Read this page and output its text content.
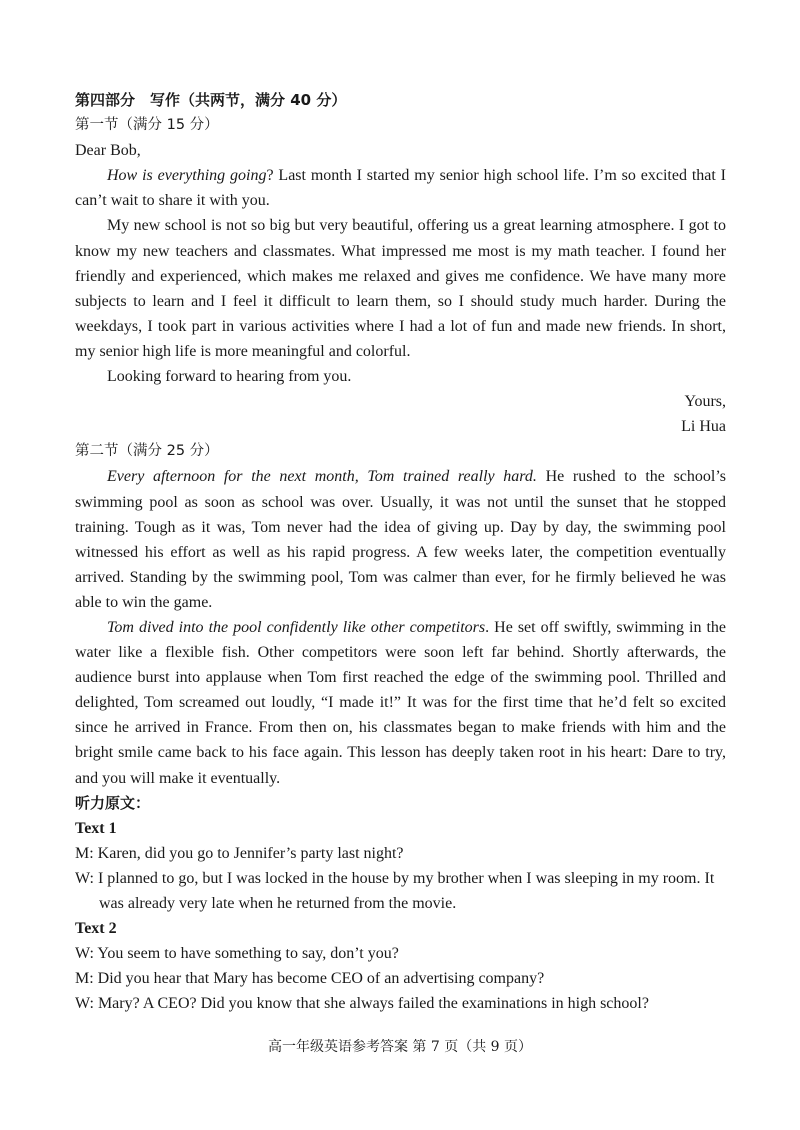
第四部分　写作（共两节，满分 40 分）

第一节（满分 15 分）

Dear Bob,

How is everything going? Last month I started my senior high school life. I’m so excited that I can’t wait to share it with you.

My new school is not so big but very beautiful, offering us a great learning atmosphere. I got to know my new teachers and classmates. What impressed me most is my math teacher. I found her friendly and experienced, which makes me relaxed and gives me confidence. We have many more subjects to learn and I feel it difficult to learn them, so I should study much harder. During the weekdays, I took part in various activities where I had a lot of fun and made new friends. In short, my senior high life is more meaningful and colorful.

Looking forward to hearing from you.

Yours,

Li Hua

第二节（满分 25 分）

Every afternoon for the next month, Tom trained really hard. He rushed to the school’s swimming pool as soon as school was over. Usually, it was not until the sunset that he stopped training. Tough as it was, Tom never had the idea of giving up. Day by day, the swimming pool witnessed his effort as well as his rapid progress. A few weeks later, the competition eventually arrived. Standing by the swimming pool, Tom was calmer than ever, for he firmly believed he was able to win the game.

Tom dived into the pool confidently like other competitors. He set off swiftly, swimming in the water like a flexible fish. Other competitors were soon left far behind. Shortly afterwards, the audience burst into applause when Tom first reached the edge of the swimming pool. Thrilled and delighted, Tom screamed out loudly, “I made it!” It was for the first time that he’d felt so excited since he arrived in France. From then on, his classmates began to make friends with him and the bright smile came back to his face again. This lesson has deeply taken root in his heart: Dare to try, and you will make it eventually.

听力原文：

Text 1

M: Karen, did you go to Jennifer’s party last night?

W: I planned to go, but I was locked in the house by my brother when I was sleeping in my room. It was already very late when he returned from the movie.

Text 2

W: You seem to have something to say, don’t you?

M: Did you hear that Mary has become CEO of an advertising company?

W: Mary? A CEO? Did you know that she always failed the examinations in high school?

高一年级英语参考答案 第 7 页（共 9 页）
